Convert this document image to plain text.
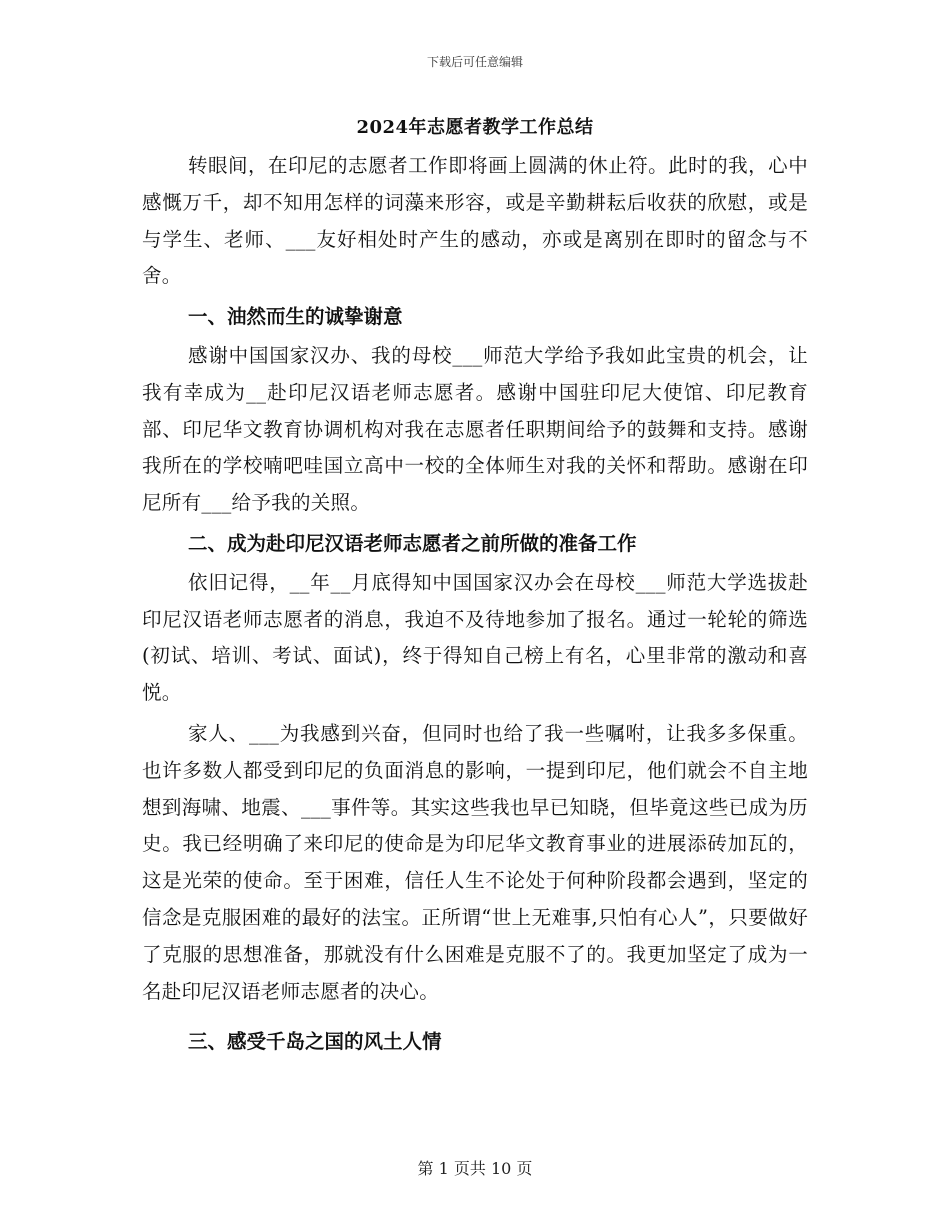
下载后可任意编辑
2024年志愿者教学工作总结

转眼间，在印尼的志愿者工作即将画上圆满的休止符。此时的我，心中感慨万千，却不知用怎样的词藻来形容，或是辛勤耕耘后收获的欣慰，或是与学生、老师、___友好相处时产生的感动，亦或是离别在即时的留念与不舍。

一、油然而生的诚挚谢意

感谢中国国家汉办、我的母校___师范大学给予我如此宝贵的机会，让我有幸成为__赴印尼汉语老师志愿者。感谢中国驻印尼大使馆、印尼教育部、印尼华文教育协调机构对我在志愿者任职期间给予的鼓舞和支持。感谢我所在的学校喃吧哇国立高中一校的全体师生对我的关怀和帮助。感谢在印尼所有___给予我的关照。

二、成为赴印尼汉语老师志愿者之前所做的准备工作

依旧记得，__年__月底得知中国国家汉办会在母校___师范大学选拔赴印尼汉语老师志愿者的消息，我迫不及待地参加了报名。通过一轮轮的筛选(初试、培训、考试、面试)，终于得知自己榜上有名，心里非常的激动和喜悦。

家人、___为我感到兴奋，但同时也给了我一些嘱咐，让我多多保重。也许多数人都受到印尼的负面消息的影响，一提到印尼，他们就会不自主地想到海啸、地震、___事件等。其实这些我也早已知晓，但毕竟这些已成为历史。我已经明确了来印尼的使命是为印尼华文教育事业的进展添砖加瓦的，这是光荣的使命。至于困难，信任人生不论处于何种阶段都会遇到，坚定的信念是克服困难的最好的法宝。正所谓“世上无难事,只怕有心人”，只要做好了克服的思想准备，那就没有什么困难是克服不了的。我更加坚定了成为一名赴印尼汉语老师志愿者的决心。

三、感受千岛之国的风土人情
第 1 页共 10 页
